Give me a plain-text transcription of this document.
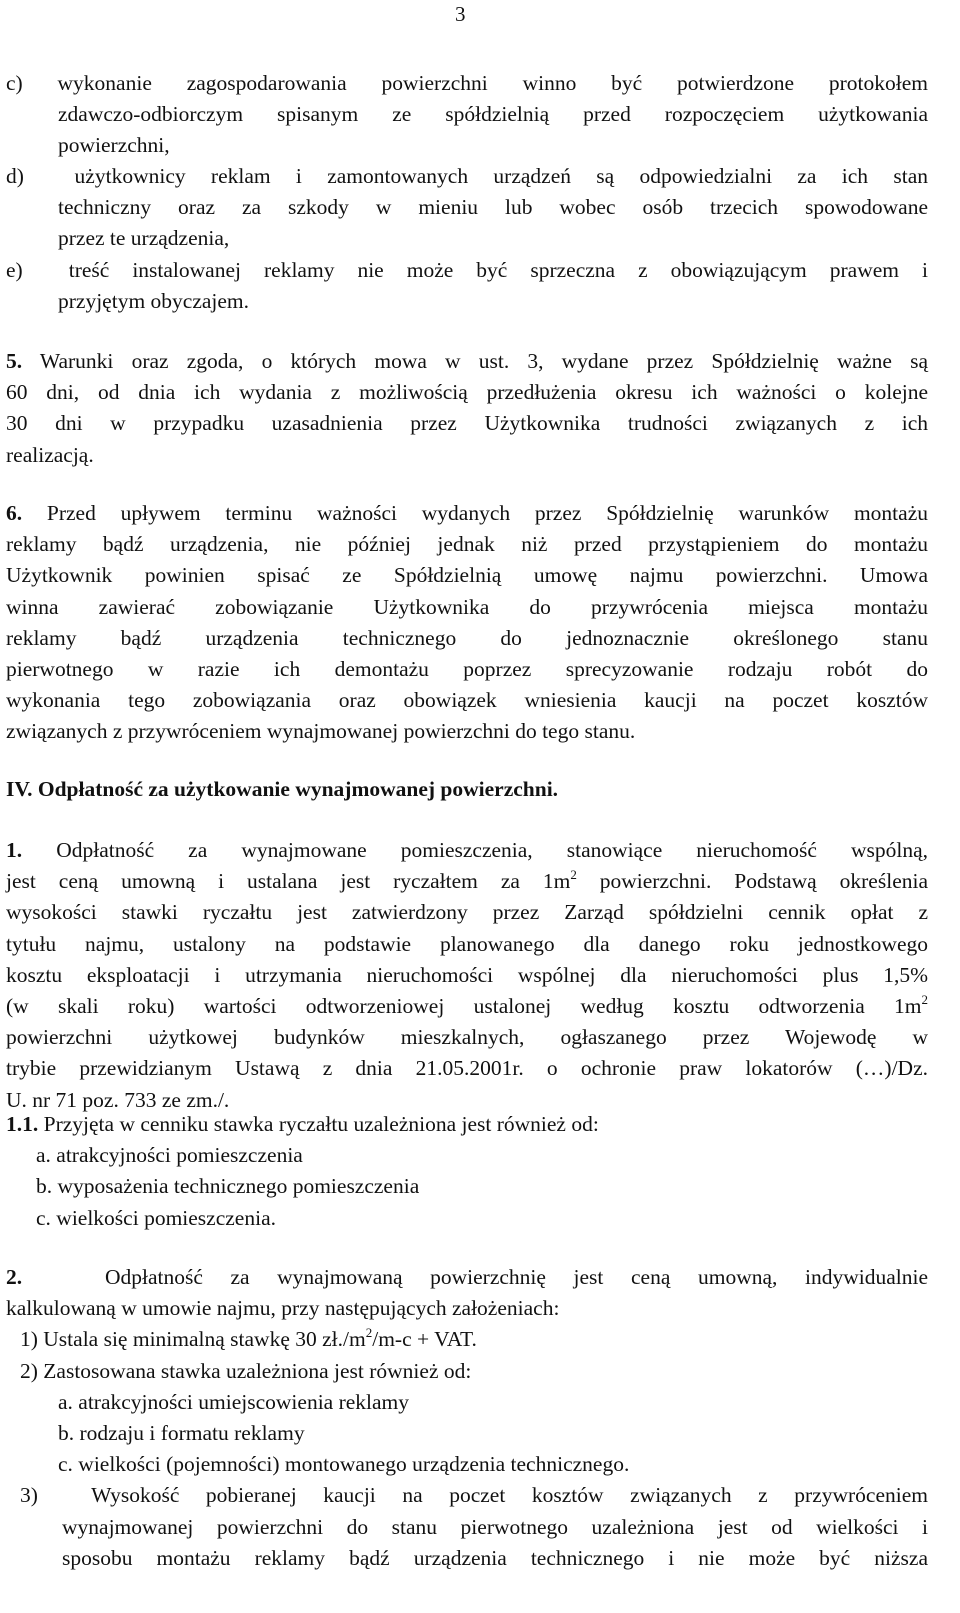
3
c) wykonanie zagospodarowania powierzchni winno być potwierdzone protokołem
zdawczo-odbiorczym spisanym ze spółdzielnią przed rozpoczęciem użytkowania
powierzchni,
d) użytkownicy reklam i zamontowanych urządzeń są odpowiedzialni za ich stan
techniczny oraz za szkody w mieniu lub wobec osób trzecich spowodowane
przez te urządzenia,
e) treść instalowanej reklamy nie może być sprzeczna z obowiązującym prawem i
przyjętym obyczajem.
5. Warunki oraz zgoda, o których mowa w ust. 3, wydane przez Spółdzielnię ważne są
60 dni, od dnia ich wydania z możliwością przedłużenia okresu ich ważności o kolejne
30 dni w przypadku uzasadnienia przez Użytkownika trudności związanych z ich
realizacją.
6. Przed upływem terminu ważności wydanych przez Spółdzielnię warunków montażu
reklamy bądź urządzenia, nie później jednak niż przed przystąpieniem do montażu
Użytkownik powinien spisać ze Spółdzielnią umowę najmu powierzchni. Umowa
winna zawierać zobowiązanie Użytkownika do przywrócenia miejsca montażu
reklamy bądź urządzenia technicznego do jednoznacznie określonego stanu
pierwotnego w razie ich demontażu poprzez sprecyzowanie rodzaju robót do
wykonania tego zobowiązania oraz obowiązek wniesienia kaucji na poczet kosztów
związanych z przywróceniem wynajmowanej powierzchni do tego stanu.
IV. Odpłatność za użytkowanie wynajmowanej powierzchni.
1. Odpłatność za wynajmowane pomieszczenia, stanowiące nieruchomość wspólną,
jest ceną umowną i ustalana jest ryczałtem za $1m^2$ powierzchni. Podstawą określenia
wysokości stawki ryczałtu jest zatwierdzony przez Zarząd spółdzielni cennik opłat z
tytułu najmu, ustalony na podstawie planowanego dla danego roku jednostkowego
kosztu eksploatacji i utrzymania nieruchomości wspólnej dla nieruchomości plus 1,5%
(w skali roku) wartości odtworzeniowej ustalonej według kosztu odtworzenia $1m^2$
powierzchni użytkowej budynków mieszkalnych, ogłaszanego przez Wojewodę w
trybie przewidzianym Ustawą z dnia 21.05.2001r. o ochronie praw lokatorów (…)/Dz.
U. nr 71 poz. 733 ze zm./.
1.1. Przyjęta w cenniku stawka ryczałtu uzależniona jest również od:
a. atrakcyjności pomieszczenia
b. wyposażenia technicznego pomieszczenia
c. wielkości pomieszczenia.
2.	Odpłatność za wynajmowaną powierzchnię jest ceną umowną, indywidualnie
kalkulowaną w umowie najmu, przy następujących założeniach:
1) Ustala się minimalną stawkę 30 $zł./m^2/m-c$ + VAT.
2) Zastosowana stawka uzależniona jest również od:
a. atrakcyjności umiejscowienia reklamy
b. rodzaju i formatu reklamy
c. wielkości (pojemności) montowanego urządzenia technicznego.
3) Wysokość pobieranej kaucji na poczet kosztów związanych z przywróceniem
wynajmowanej powierzchni do stanu pierwotnego uzależniona jest od wielkości i
sposobu montażu reklamy bądź urządzenia technicznego i nie może być niższa
